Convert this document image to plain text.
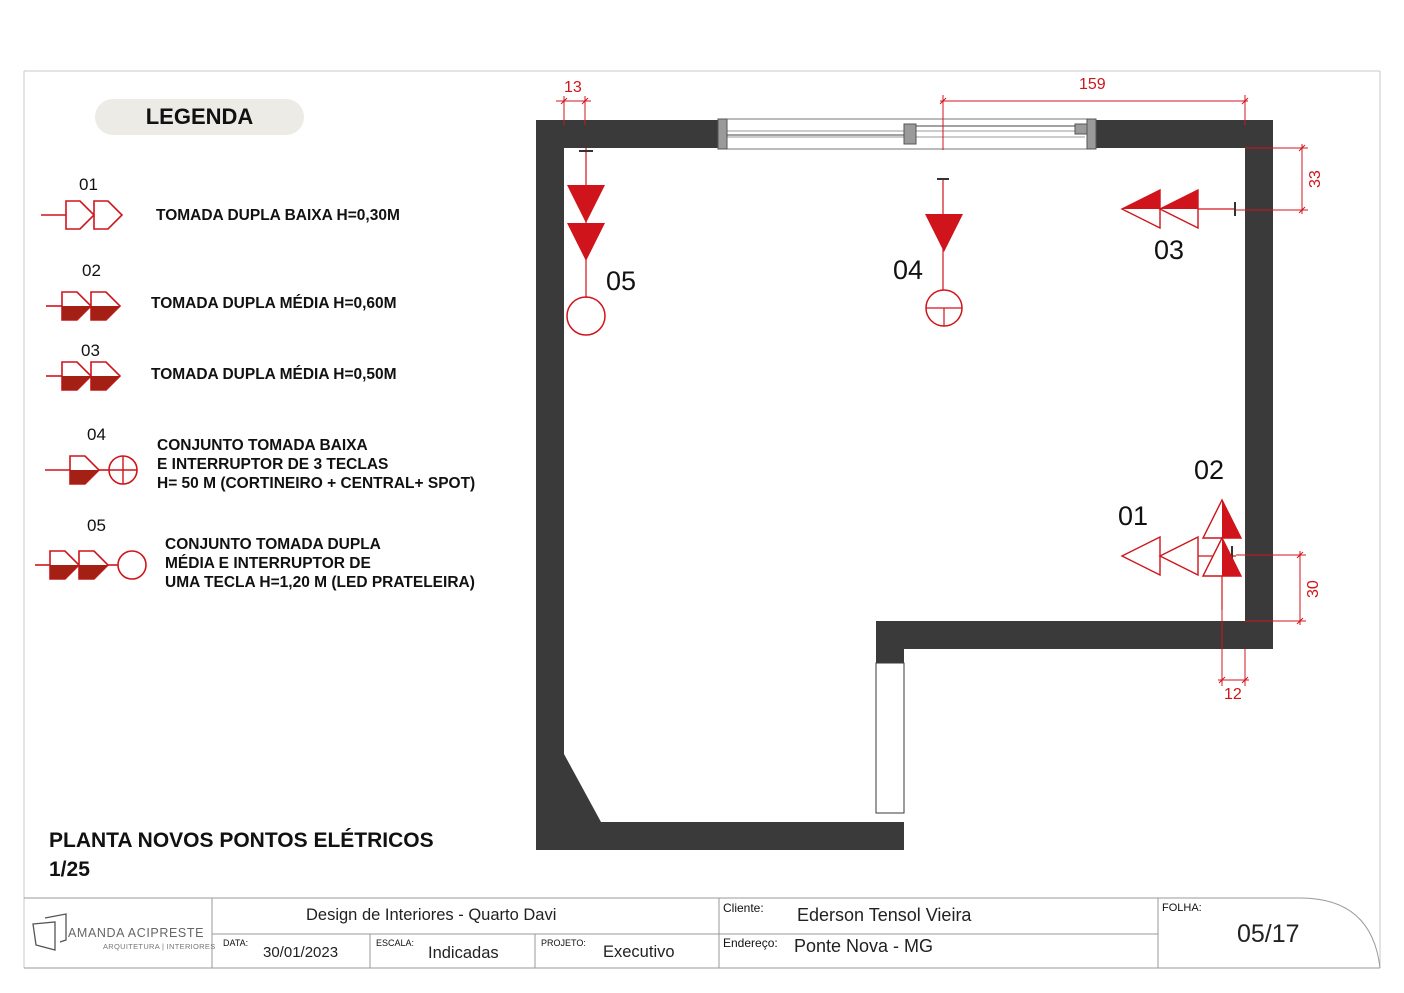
LEGENDA
01
TOMADA DUPLA BAIXA H=0,30M
02
TOMADA DUPLA MÉDIA H=0,60M
03
TOMADA DUPLA MÉDIA H=0,50M
04
CONJUNTO TOMADA BAIXA
E INTERRUPTOR DE 3 TECLAS
H= 50 M (CORTINEIRO + CENTRAL+ SPOT)
05
CONJUNTO TOMADA DUPLA
MÉDIA E INTERRUPTOR DE
UMA TECLA H=1,20 M (LED PRATELEIRA)
PLANTA NOVOS PONTOS ELÉTRICOS
1/25
05	04
03
02
01
13	159
33
30
12
AMANDA ACIPRESTE
ARQUITETURA | INTERIORES
Design de Interiores - Quarto Davi
DATA:
30/01/2023
ESCALA:
Indicadas
PROJETO: Executivo
Cliente: Ederson Tensol Vieira
Endereço: Ponte Nova - MG
FOLHA:
05/17
